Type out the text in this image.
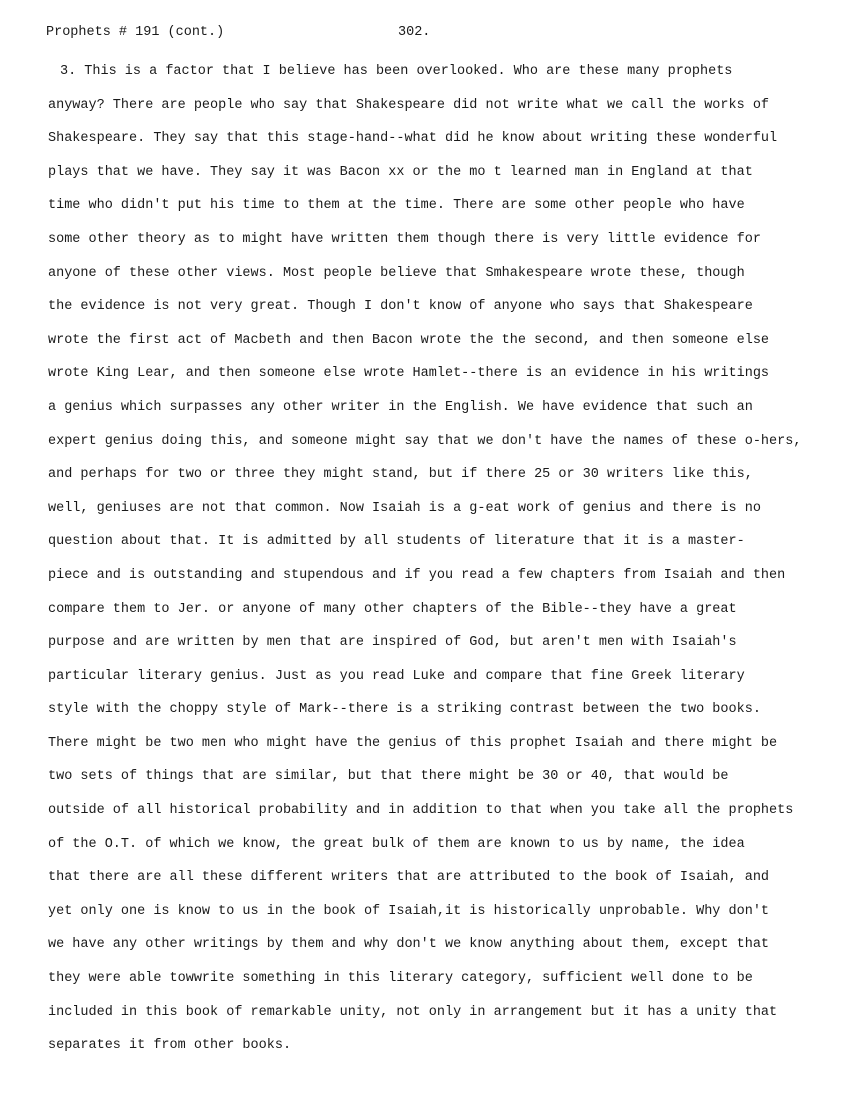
Prophets # 191 (cont.)	302.
3. This is a factor that I believe has been overlooked. Who are these many prophets
anyway? There are people who say that Shakespeare did not write what we call the works of
Shakespeare. They say that this stage-hand--what did he know about writing these wonderful
plays that we have. They say it was Bacon xx or the mo t learned man in England at that
time who didn't put his time to them at the time. There are some other people who have
some other theory as to might have written them though there is very little evidence for
anyone of these other views. Most people believe that Smhakespeare wrote these, though
the evidence is not very great. Though I don't know of anyone who says that Shakespeare
wrote the first act of Macbeth and then Bacon wrote the the second, and then someone else
wrote King Lear, and then someone else wrote Hamlet--there is an evidence in his writings
a genius which surpasses any other writer in the English. We have evidence that such an
expert genius doing this, and someone might say that we don't have the names of these o-hers,
and perhaps for two or three they might stand, but if there 25 or 30 writers like this,
well, geniuses are not that common. Now Isaiah is a g-eat work of genius and there is no
question about that. It is admitted by all students of literature that it is a master-
piece and is outstanding and stupendous and if you read a few chapters from Isaiah and then
compare them to Jer. or anyone of many other chapters of the Bible--they have a great
purpose and are written by men that are inspired of God, but aren't men with Isaiah's
particular literary genius. Just as you read Luke and compare that fine Greek literary
style with the choppy style of Mark--there is a striking contrast between the two books.
There might be two men who might have the genius of this prophet Isaiah and there might be
two sets of things that are similar, but that there might be 30 or 40, that would be
outside of all historical probability and in addition to that when you take all the prophets
of the O.T. of which we know, the great bulk of them are known to us by name, the idea
that there are all these different writers that are attributed to the book of Isaiah, and
yet only one is know to us in the book of Isaiah,it is historically unprobable. Why don't
we have any other writings by them and why don't we know anything about them, except that
they were able towwrite something in this literary category, sufficient well done to be
included in this book of remarkable unity, not only in arrangement but it has a unity that
separates it from other books.
